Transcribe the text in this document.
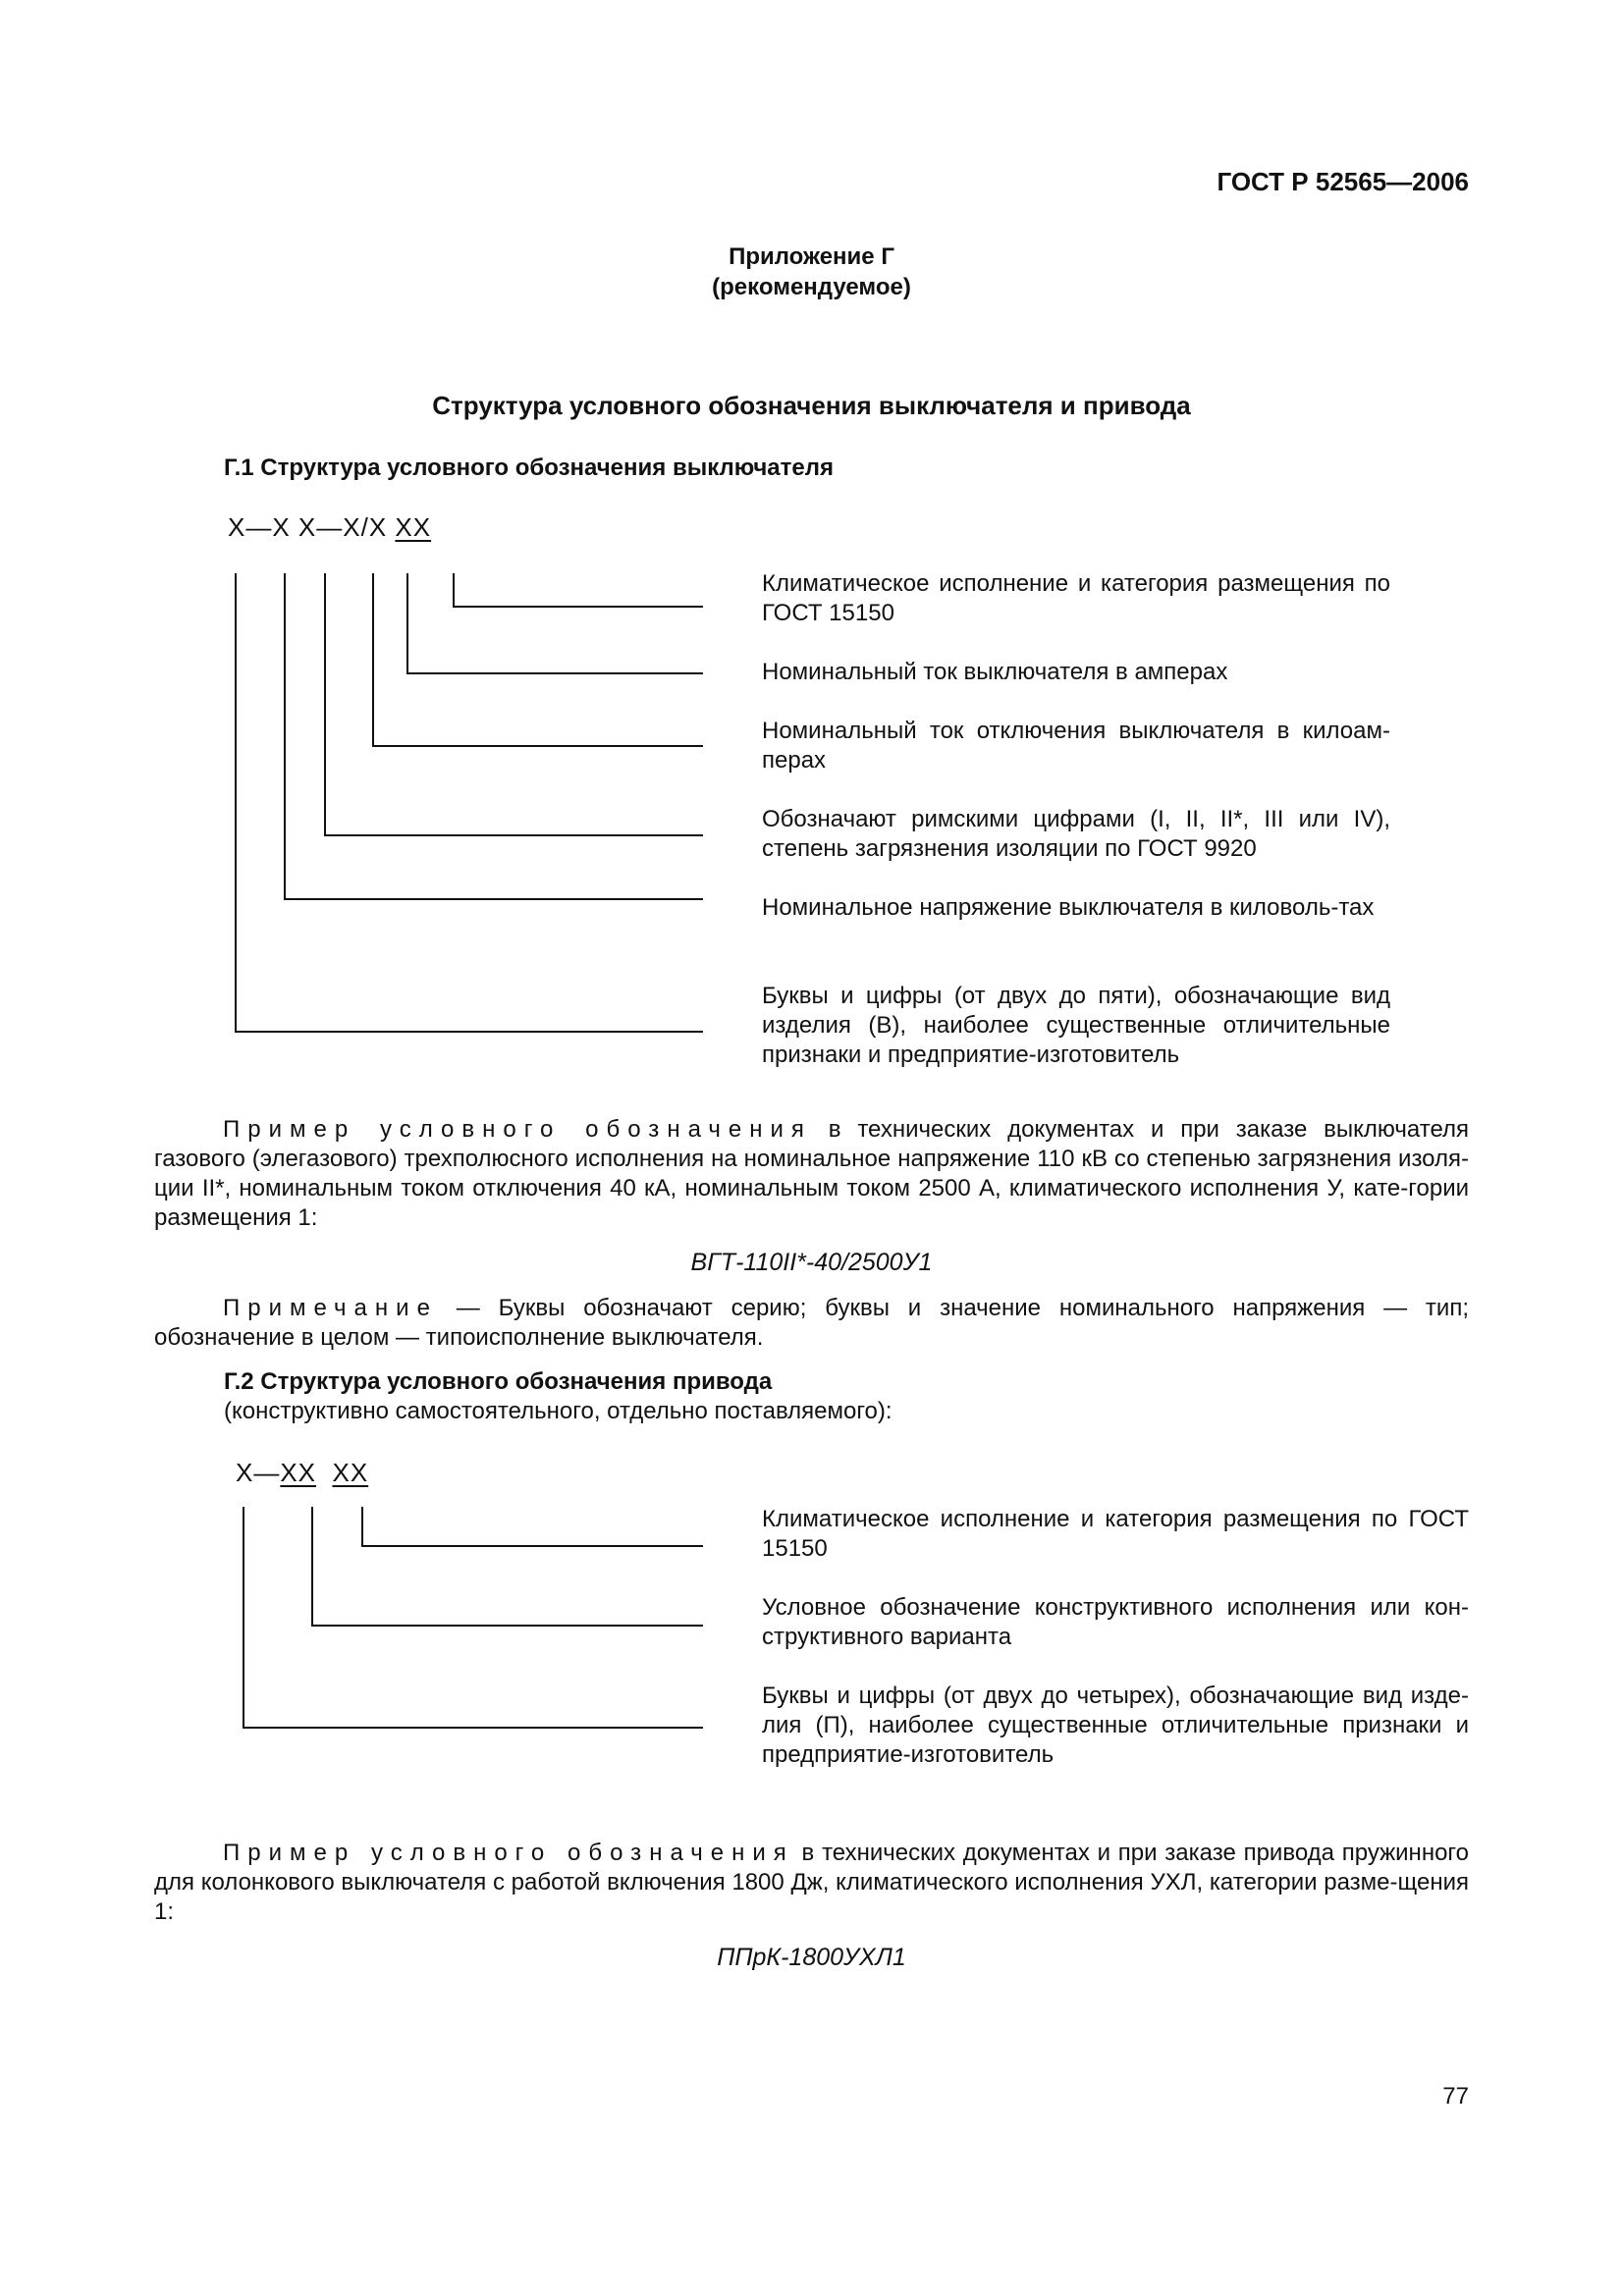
ГОСТ Р 52565—2006
Приложение Г
(рекомендуемое)
Структура условного обозначения выключателя и привода
Г.1 Структура условного обозначения выключателя
Х—Х Х—Х/Х ХХ
Климатическое исполнение и категория размещения по ГОСТ 15150
Номинальный ток выключателя в амперах
Номинальный ток отключения выключателя в килоам-перах
Обозначают римскими цифрами (I, II, II*, III или IV), степень загрязнения изоляции по ГОСТ 9920
Номинальное напряжение выключателя в киловоль-тах
Буквы и цифры (от двух до пяти), обозначающие вид изделия (В), наиболее существенные отличительные признаки и предприятие-изготовитель
Пример условного обозначения в технических документах и при заказе выключателя газового (элегазового) трехполюсного исполнения на номинальное напряжение 110 кВ со степенью загрязнения изоля-ции II*, номинальным током отключения 40 кА, номинальным током 2500 А, климатического исполнения У, кате-гории размещения 1:
ВГТ-110II*-40/2500У1
Примечание — Буквы обозначают серию; буквы и значение номинального напряжения — тип; обозначение в целом — типоисполнение выключателя.
Г.2 Структура условного обозначения привода
(конструктивно самостоятельного, отдельно поставляемого):
Х—ХХ ХХ
Климатическое исполнение и категория размещения по ГОСТ 15150
Условное обозначение конструктивного исполнения или кон-структивного варианта
Буквы и цифры (от двух до четырех), обозначающие вид изде-лия (П), наиболее существенные отличительные признаки и предприятие-изготовитель
Пример условного обозначения в технических документах и при заказе привода пружинного для колонкового выключателя с работой включения 1800 Дж, климатического исполнения УХЛ, категории разме-щения 1:
ППрК-1800УХЛ1
77
